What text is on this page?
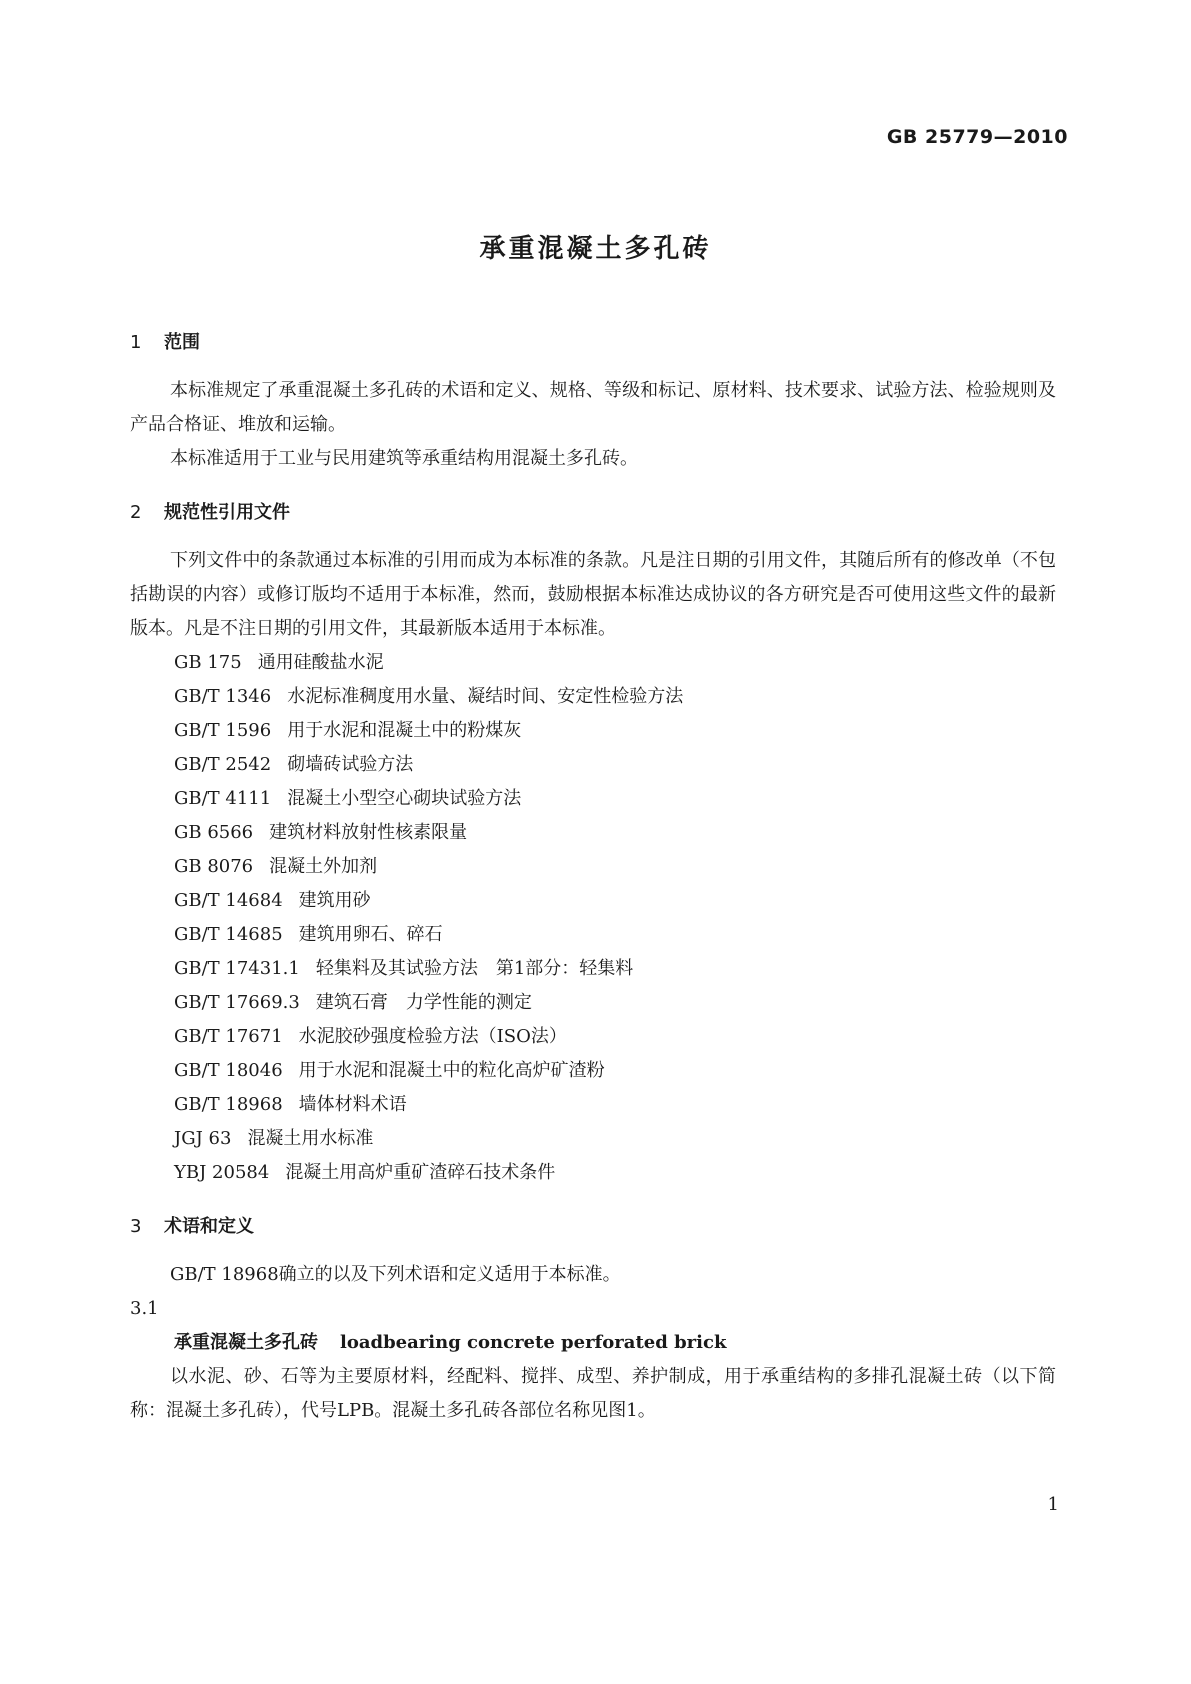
GB 25779—2010
承重混凝土多孔砖
1 范围

本标准规定了承重混凝土多孔砖的术语和定义、规格、等级和标记、原材料、技术要求、试验方法、检验规则及产品合格证、堆放和运输。

本标准适用于工业与民用建筑等承重结构用混凝土多孔砖。

2 规范性引用文件

下列文件中的条款通过本标准的引用而成为本标准的条款。凡是注日期的引用文件，其随后所有的修改单（不包括勘误的内容）或修订版均不适用于本标准，然而，鼓励根据本标准达成协议的各方研究是否可使用这些文件的最新版本。凡是不注日期的引用文件，其最新版本适用于本标准。

GB 175 通用硅酸盐水泥
GB/T 1346 水泥标准稠度用水量、凝结时间、安定性检验方法
GB/T 1596 用于水泥和混凝土中的粉煤灰
GB/T 2542 砌墙砖试验方法
GB/T 4111 混凝土小型空心砌块试验方法
GB 6566 建筑材料放射性核素限量
GB 8076 混凝土外加剂
GB/T 14684 建筑用砂
GB/T 14685 建筑用卵石、碎石
GB/T 17431.1 轻集料及其试验方法　第1部分：轻集料
GB/T 17669.3 建筑石膏　力学性能的测定
GB/T 17671 水泥胶砂强度检验方法（ISO法）
GB/T 18046 用于水泥和混凝土中的粒化高炉矿渣粉
GB/T 18968 墙体材料术语
JGJ 63 混凝土用水标准
YBJ 20584 混凝土用高炉重矿渣碎石技术条件
3 术语和定义

GB/T 18968确立的以及下列术语和定义适用于本标准。

3.1
承重混凝土多孔砖 loadbearing concrete perforated brick

以水泥、砂、石等为主要原材料，经配料、搅拌、成型、养护制成，用于承重结构的多排孔混凝土砖（以下简称：混凝土多孔砖），代号LPB。混凝土多孔砖各部位名称见图1。

1
